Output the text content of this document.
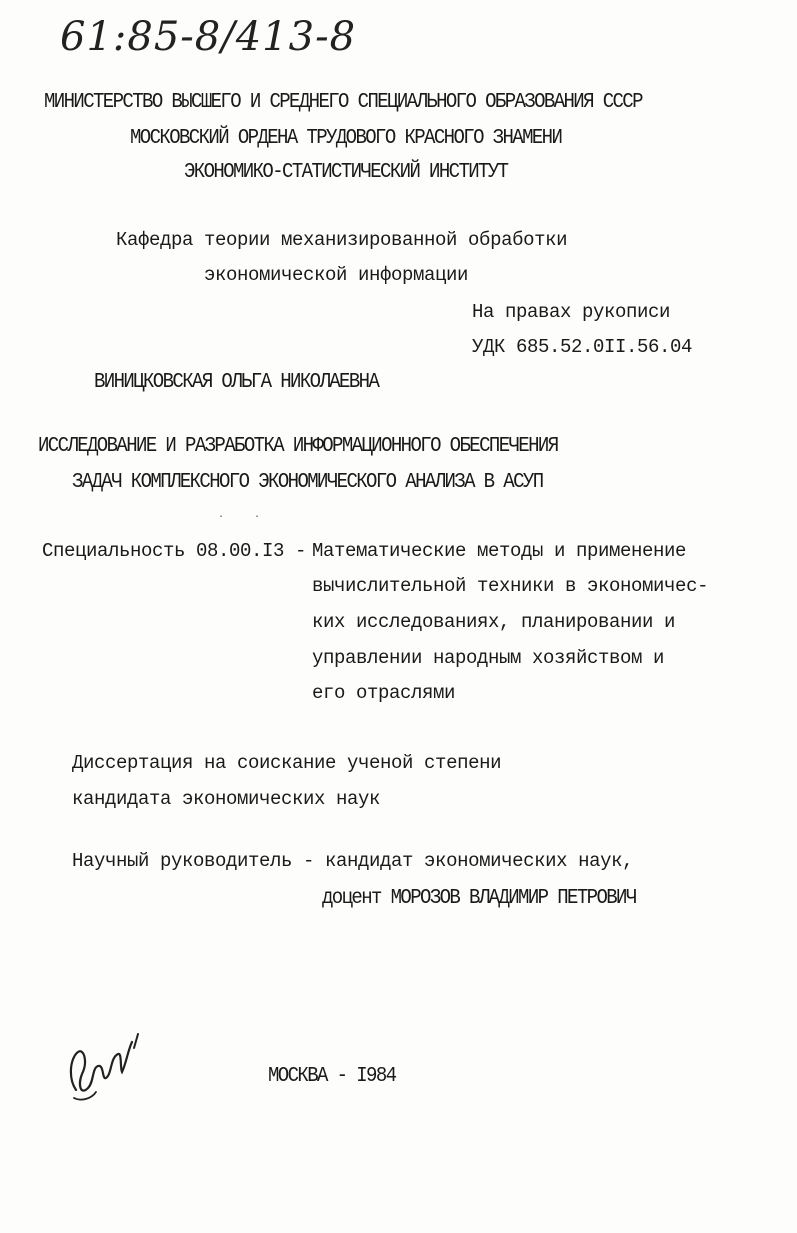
61:85-8/413-8
МИНИСТЕРСТВО ВЫСШЕГО И СРЕДНЕГО СПЕЦИАЛЬНОГО ОБРАЗОВАНИЯ СССР
МОСКОВСКИЙ ОРДЕНА ТРУДОВОГО КРАСНОГО ЗНАМЕНИ
ЭКОНОМИКО-СТАТИСТИЧЕСКИЙ ИНСТИТУТ
Кафедра теории механизированной обработки
экономической информации
На правах рукописи
УДК 685.52.0II.56.04
ВИНИЦКОВСКАЯ ОЛЬГА НИКОЛАЕВНА
ИССЛЕДОВАНИЕ И РАЗРАБОТКА ИНФОРМАЦИОННОГО ОБЕСПЕЧЕНИЯ
ЗАДАЧ КОМПЛЕКСНОГО ЭКОНОМИЧЕСКОГО АНАЛИЗА В АСУП
·     ·
Специальность 08.00.I3 - Математические методы и применение
вычислительной техники в экономичес-
ких исследованиях, планировании и
управлении народным хозяйством и
его отраслями
Диссертация на соискание ученой степени
кандидата экономических наук
Научный руководитель - кандидат экономических наук,
доцент МОРОЗОВ ВЛАДИМИР ПЕТРОВИЧ
МОСКВА - I984
